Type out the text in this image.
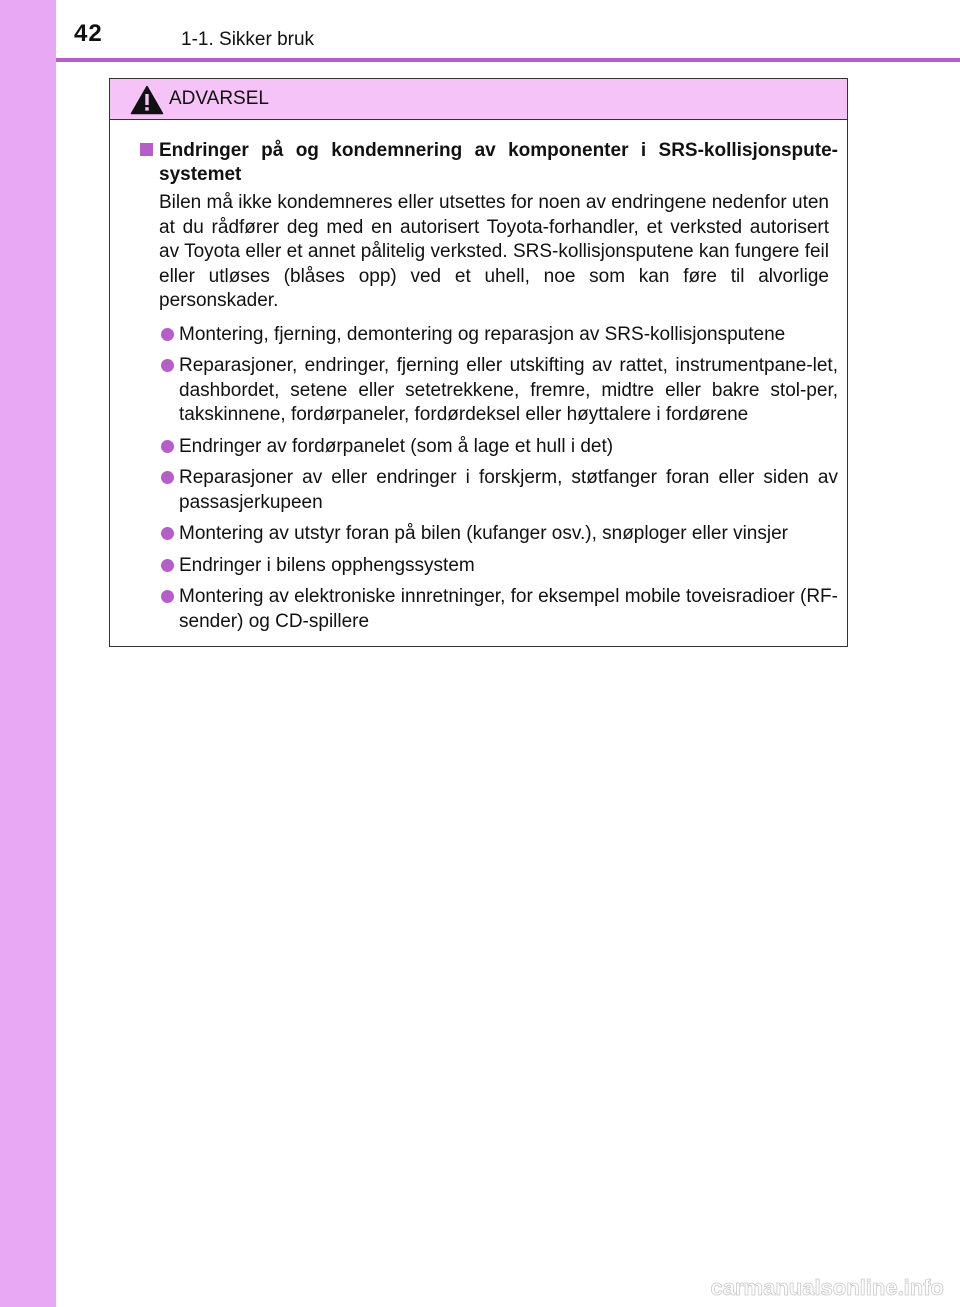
42	1-1. Sikker bruk
ADVARSEL
Endringer på og kondemnering av komponenter i SRS-kollisjonspute-systemet
Bilen må ikke kondemneres eller utsettes for noen av endringene nedenfor uten at du rådfører deg med en autorisert Toyota-forhandler, et verksted autorisert av Toyota eller et annet pålitelig verksted. SRS-kollisjonsputene kan fungere feil eller utløses (blåses opp) ved et uhell, noe som kan føre til alvorlige personskader.
Montering, fjerning, demontering og reparasjon av SRS-kollisjonsputene
Reparasjoner, endringer, fjerning eller utskifting av rattet, instrumentpane-let, dashbordet, setene eller setetrekkene, fremre, midtre eller bakre stol-per, takskinnene, fordørpaneler, fordørdeksel eller høyttalere i fordørene
Endringer av fordørpanelet (som å lage et hull i det)
Reparasjoner av eller endringer i forskjerm, støtfanger foran eller siden av passasjerkupeen
Montering av utstyr foran på bilen (kufanger osv.), snøploger eller vinsjer
Endringer i bilens opphengssystem
Montering av elektroniske innretninger, for eksempel mobile toveisradioer (RF-sender) og CD-spillere
carmanualsonline.info
